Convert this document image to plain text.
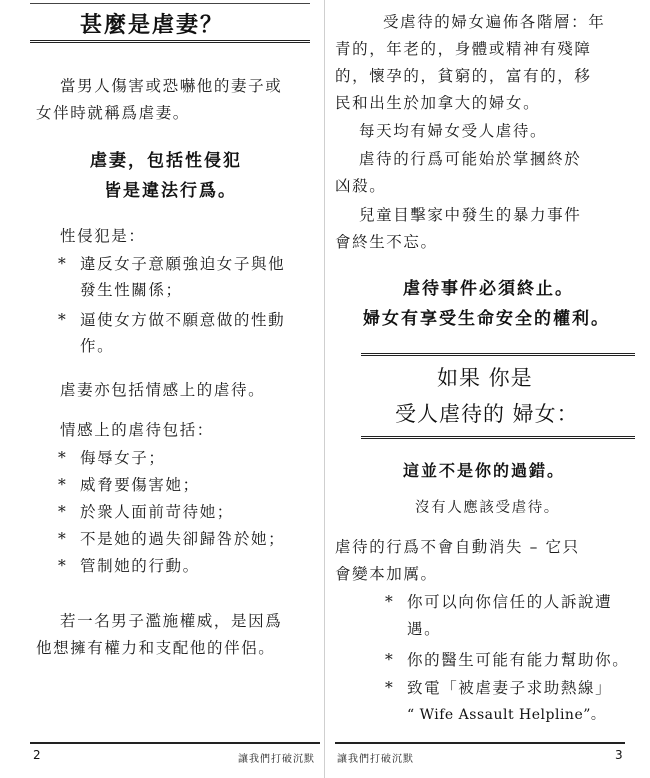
甚麼是虐妻？
當男人傷害或恐嚇他的妻子或
女伴時就稱爲虐妻。
虐妻，包括性侵犯
皆是違法行爲。
性侵犯是：
* 違反女子意願強迫女子與他
發生性關係；
* 逼使女方做不願意做的性動
作。
虐妻亦包括情感上的虐待。
情感上的虐待包括：
* 侮辱女子；
* 威脅要傷害她；
* 於衆人面前苛待她；
* 不是她的過失卻歸咎於她；
* 管制她的行動。
若一名男子濫施權威，是因爲
他想擁有權力和支配他的伴侶。
2	讓我們打破沉默
受虐待的婦女遍佈各階層：年
青的，年老的，身體或精神有殘障
的，懷孕的，貧窮的，富有的，移
民和出生於加拿大的婦女。
每天均有婦女受人虐待。
虐待的行爲可能始於掌摑終於
凶殺。
兒童目擊家中發生的暴力事件
會終生不忘。
虐待事件必須終止。
婦女有享受生命安全的權利。
如果 你是
受人虐待的 婦女：
這並不是你的過錯。
沒有人應該受虐待。
虐待的行爲不會自動消失 – 它只
會變本加厲。
* 你可以向你信任的人訴說遭
遇。
* 你的醫生可能有能力幫助你。
* 致電「被虐妻子求助熱線」
“ Wife Assault Helpline”。
讓我們打破沉默	3
